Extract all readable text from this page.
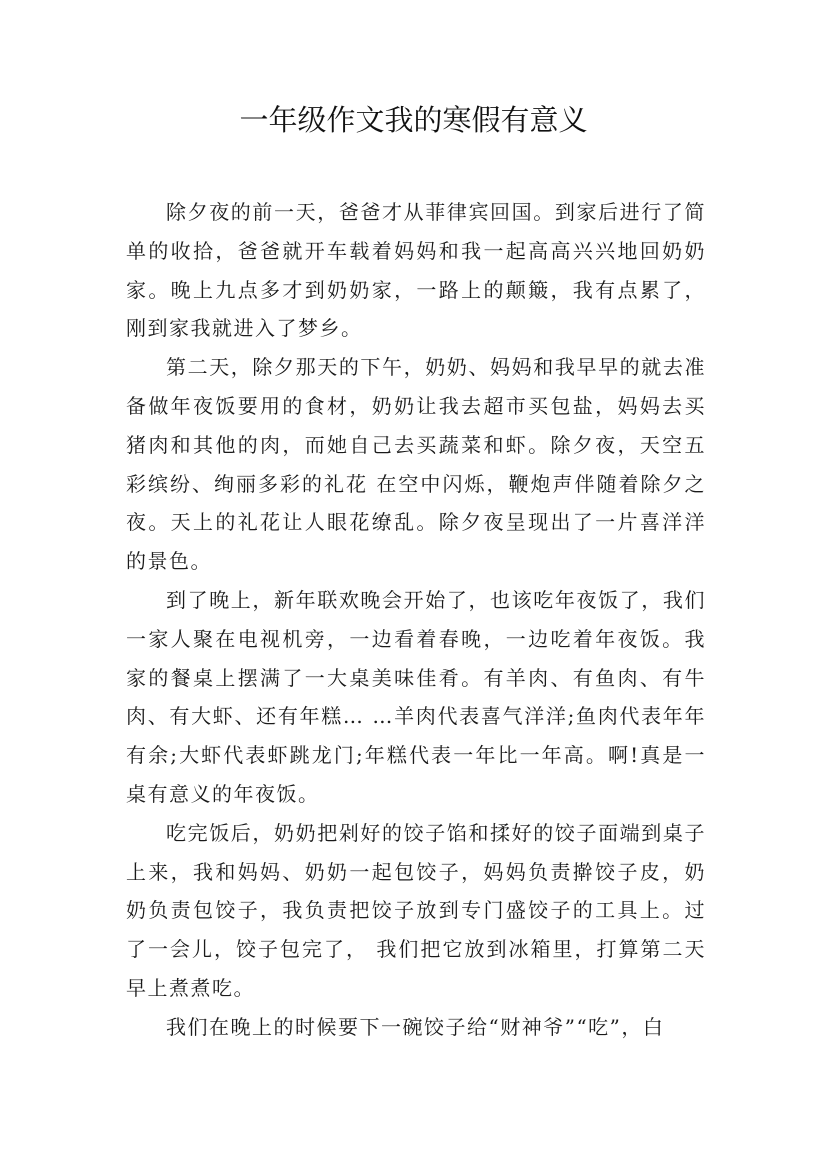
一年级作文我的寒假有意义

除夕夜的前一天，爸爸才从菲律宾回国。到家后进行了简单的收拾，爸爸就开车载着妈妈和我一起高高兴兴地回奶奶家。晚上九点多才到奶奶家，一路上的颠簸，我有点累了，刚到家我就进入了梦乡。

第二天，除夕那天的下午，奶奶、妈妈和我早早的就去准备做年夜饭要用的食材，奶奶让我去超市买包盐，妈妈去买猪肉和其他的肉，而她自己去买蔬菜和虾。除夕夜，天空五彩缤纷、绚丽多彩的礼花 在空中闪烁，鞭炮声伴随着除夕之夜。天上的礼花让人眼花缭乱。除夕夜呈现出了一片喜洋洋的景色。

到了晚上，新年联欢晚会开始了，也该吃年夜饭了，我们一家人聚在电视机旁，一边看着春晚，一边吃着年夜饭。我家的餐桌上摆满了一大桌美味佳肴。有羊肉、有鱼肉、有牛肉、有大虾、还有年糕… …羊肉代表喜气洋洋;鱼肉代表年年有余;大虾代表虾跳龙门;年糕代表一年比一年高。啊!真是一桌有意义的年夜饭。

吃完饭后，奶奶把剁好的饺子馅和揉好的饺子面端到桌子上来，我和妈妈、奶奶一起包饺子，妈妈负责擀饺子皮，奶奶负责包饺子，我负责把饺子放到专门盛饺子的工具上。过了一会儿，饺子包完了， 我们把它放到冰箱里，打算第二天早上煮煮吃。

我们在晚上的时候要下一碗饺子给“财神爷”“吃”，白
